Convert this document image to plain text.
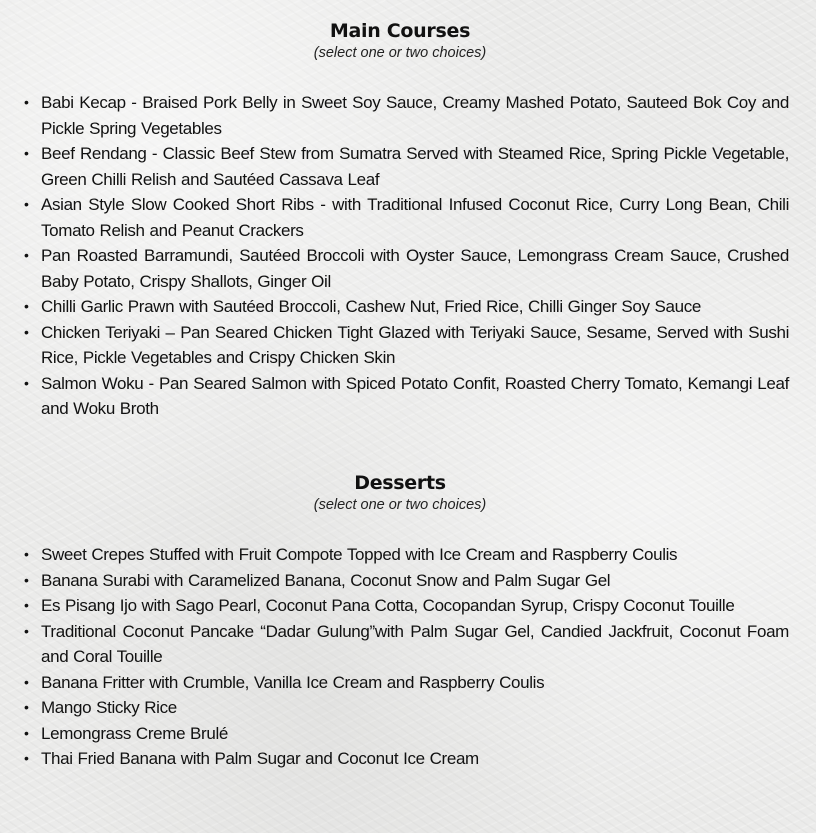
Main Courses
(select one or two choices)
• Babi Kecap - Braised Pork Belly in Sweet Soy Sauce, Creamy Mashed Potato, Sauteed Bok Coy and Pickle Spring Vegetables
• Beef Rendang - Classic Beef Stew from Sumatra Served with Steamed Rice, Spring Pickle Vegetable, Green Chilli Relish and Sautéed Cassava Leaf
• Asian Style Slow Cooked Short Ribs - with Traditional Infused Coconut Rice, Curry Long Bean, Chili Tomato Relish and Peanut Crackers
• Pan Roasted Barramundi, Sautéed Broccoli with Oyster Sauce, Lemongrass Cream Sauce, Crushed Baby Potato, Crispy Shallots, Ginger Oil
• Chilli Garlic Prawn with Sautéed Broccoli, Cashew Nut, Fried Rice, Chilli Ginger Soy Sauce
• Chicken Teriyaki – Pan Seared Chicken Tight Glazed with Teriyaki Sauce, Sesame, Served with Sushi Rice, Pickle Vegetables and Crispy Chicken Skin
• Salmon Woku - Pan Seared Salmon with Spiced Potato Confit, Roasted Cherry Tomato, Kemangi Leaf and Woku Broth
Desserts
(select one or two choices)
• Sweet Crepes Stuffed with Fruit Compote Topped with Ice Cream and Raspberry Coulis
• Banana Surabi with Caramelized Banana, Coconut Snow and Palm Sugar Gel
• Es Pisang Ijo with Sago Pearl, Coconut Pana Cotta, Cocopandan Syrup, Crispy Coconut Touille
• Traditional Coconut Pancake “Dadar Gulung”with Palm Sugar Gel, Candied Jackfruit, Coconut Foam and Coral Touille
• Banana Fritter with Crumble, Vanilla Ice Cream and Raspberry Coulis
• Mango Sticky Rice
• Lemongrass Creme Brulé
• Thai Fried Banana with Palm Sugar and Coconut Ice Cream
